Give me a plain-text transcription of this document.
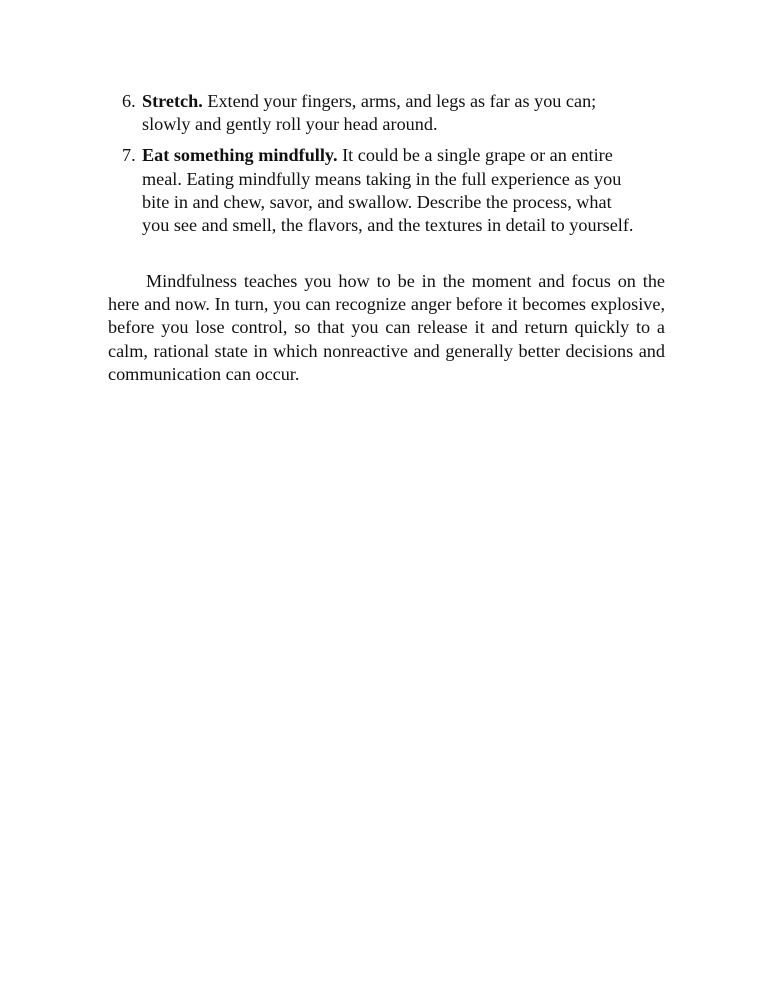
6. Stretch. Extend your fingers, arms, and legs as far as you can; slowly and gently roll your head around.
7. Eat something mindfully. It could be a single grape or an entire meal. Eating mindfully means taking in the full experience as you bite in and chew, savor, and swallow. Describe the process, what you see and smell, the flavors, and the textures in detail to yourself.

Mindfulness teaches you how to be in the moment and focus on the here and now. In turn, you can recognize anger before it becomes explosive, before you lose control, so that you can release it and return quickly to a calm, rational state in which nonreactive and generally better decisions and communication can occur.
